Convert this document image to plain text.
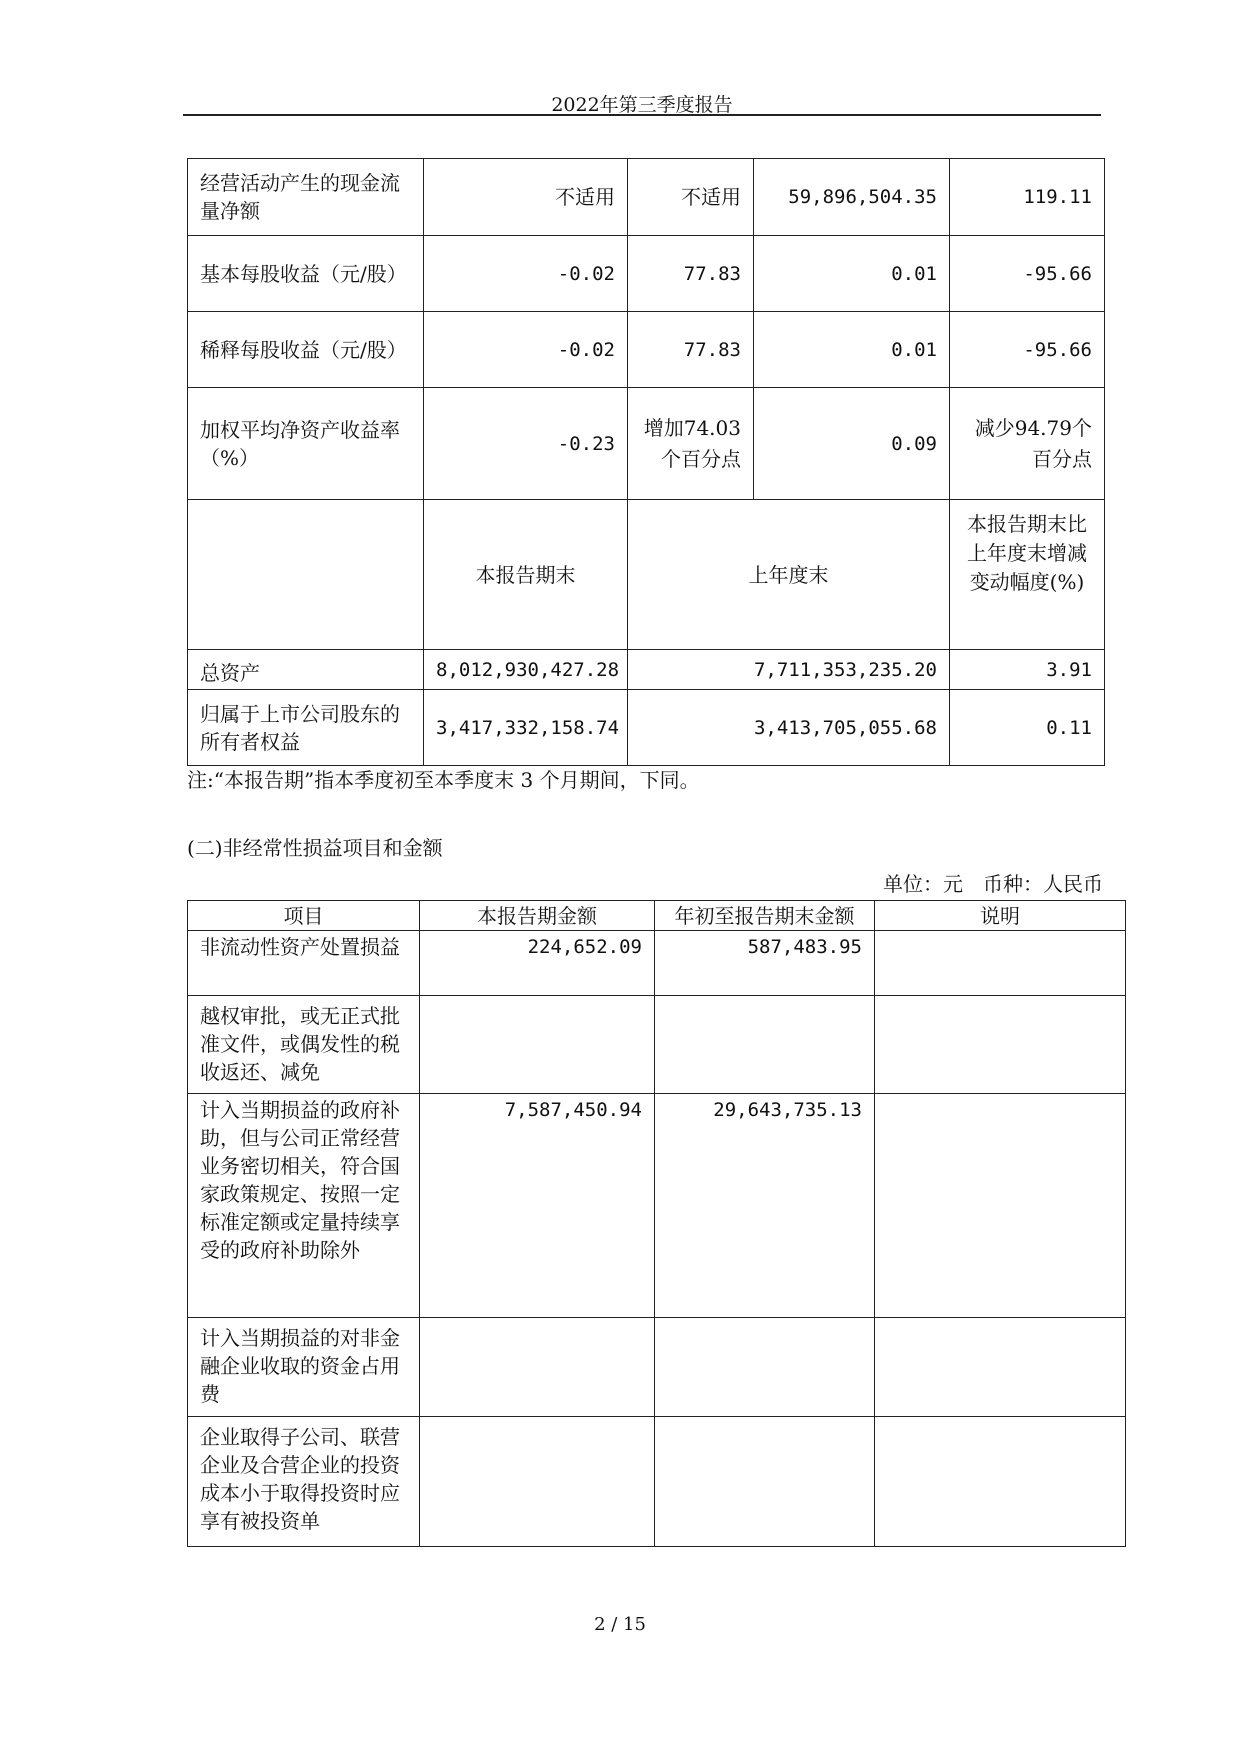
2022年第三季度报告
经营活动产生的现金流量净额	不适用	不适用	59,896,504.35	119.11
基本每股收益（元/股）	-0.02	77.83	0.01	-95.66
稀释每股收益（元/股）	-0.02	77.83	0.01	-95.66
加权平均净资产收益率（%）	-0.23	增加74.03个百分点	0.09	减少94.79个百分点
	本报告期末	上年度末		本报告期末比上年度末增减变动幅度(%)
总资产	8,012,930,427.28	7,711,353,235.20		3.91
归属于上市公司股东的所有者权益	3,417,332,158.74	3,413,705,055.68		0.11
注:“本报告期”指本季度初至本季度末 3 个月期间，下同。
(二)非经常性损益项目和金额
单位：元　币种：人民币
项目	本报告期金额	年初至报告期末金额	说明
非流动性资产处置损益	224,652.09	587,483.95	
越权审批，或无正式批准文件，或偶发性的税收返还、减免			
计入当期损益的政府补助，但与公司正常经营业务密切相关，符合国家政策规定、按照一定标准定额或定量持续享受的政府补助除外	7,587,450.94	29,643,735.13	
计入当期损益的对非金融企业收取的资金占用费			
企业取得子公司、联营企业及合营企业的投资成本小于取得投资时应享有被投资单			
2 / 15
